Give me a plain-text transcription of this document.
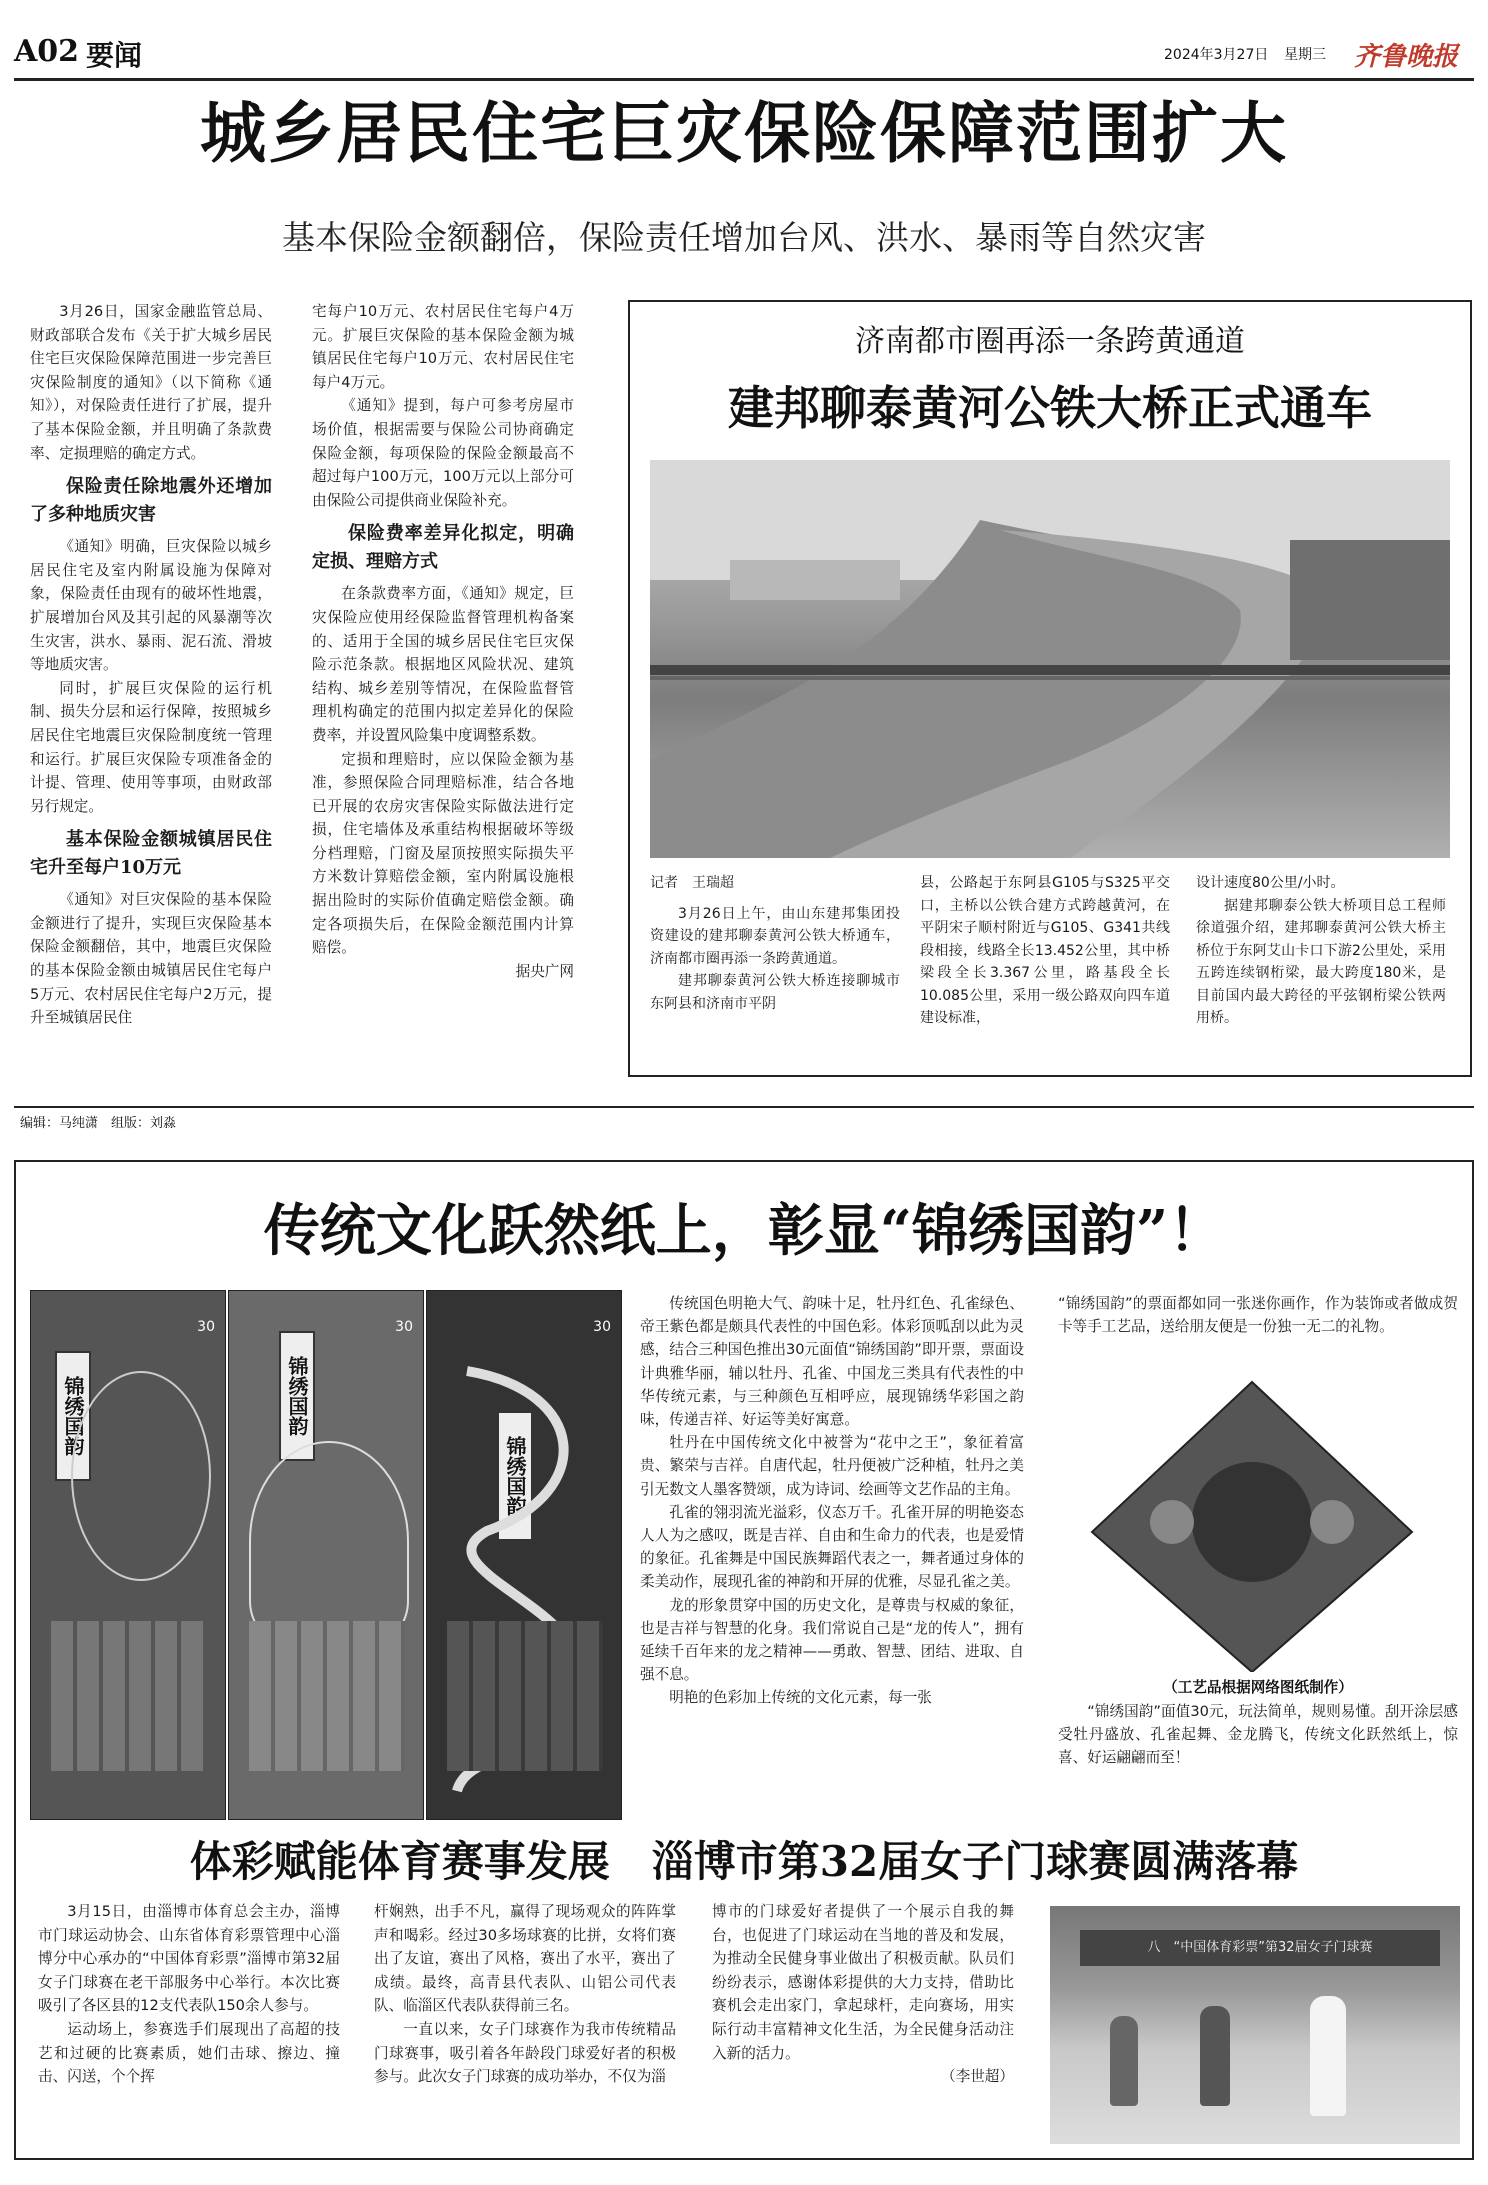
A02 要闻	2024年3月27日 星期三 齐鲁晚报
城乡居民住宅巨灾保险保障范围扩大
基本保险金额翻倍，保险责任增加台风、洪水、暴雨等自然灾害

3月26日，国家金融监管总局、财政部联合发布《关于扩大城乡居民住宅巨灾保险保障范围进一步完善巨灾保险制度的通知》（以下简称《通知》），对保险责任进行了扩展，提升了基本保险金额，并且明确了条款费率、定损理赔的确定方式。

保险责任除地震外还增加了多种地质灾害

《通知》明确，巨灾保险以城乡居民住宅及室内附属设施为保障对象，保险责任由现有的破坏性地震，扩展增加台风及其引起的风暴潮等次生灾害，洪水、暴雨、泥石流、滑坡等地质灾害。

同时，扩展巨灾保险的运行机制、损失分层和运行保障，按照城乡居民住宅地震巨灾保险制度统一管理和运行。扩展巨灾保险专项准备金的计提、管理、使用等事项，由财政部另行规定。

基本保险金额城镇居民住宅升至每户10万元

《通知》对巨灾保险的基本保险金额进行了提升，实现巨灾保险基本保险金额翻倍，其中，地震巨灾保险的基本保险金额由城镇居民住宅每户5万元、农村居民住宅每户2万元，提升至城镇居民住

宅每户10万元、农村居民住宅每户4万元。扩展巨灾保险的基本保险金额为城镇居民住宅每户10万元、农村居民住宅每户4万元。

《通知》提到，每户可参考房屋市场价值，根据需要与保险公司协商确定保险金额，每项保险的保险金额最高不超过每户100万元，100万元以上部分可由保险公司提供商业保险补充。

保险费率差异化拟定，明确定损、理赔方式

在条款费率方面，《通知》规定，巨灾保险应使用经保险监督管理机构备案的、适用于全国的城乡居民住宅巨灾保险示范条款。根据地区风险状况、建筑结构、城乡差别等情况，在保险监督管理机构确定的范围内拟定差异化的保险费率，并设置风险集中度调整系数。

定损和理赔时，应以保险金额为基准，参照保险合同理赔标准，结合各地已开展的农房灾害保险实际做法进行定损，住宅墙体及承重结构根据破坏等级分档理赔，门窗及屋顶按照实际损失平方米数计算赔偿金额，室内附属设施根据出险时的实际价值确定赔偿金额。确定各项损失后，在保险金额范围内计算赔偿。

据央广网

济南都市圈再添一条跨黄通道
建邦聊泰黄河公铁大桥正式通车

记者　王瑞超

3月26日上午，由山东建邦集团投资建设的建邦聊泰黄河公铁大桥通车，济南都市圈再添一条跨黄通道。

建邦聊泰黄河公铁大桥连接聊城市东阿县和济南市平阴

县，公路起于东阿县G105与S325平交口，主桥以公铁合建方式跨越黄河，在平阴宋子顺村附近与G105、G341共线段相接，线路全长13.452公里，其中桥梁段全长3.367公里，路基段全长10.085公里，采用一级公路双向四车道建设标准，

设计速度80公里/小时。

据建邦聊泰公铁大桥项目总工程师徐道强介绍，建邦聊泰黄河公铁大桥主桥位于东阿艾山卡口下游2公里处，采用五跨连续钢桁梁，最大跨度180米，是目前国内最大跨径的平弦钢桁梁公铁两用桥。

编辑：马纯潇　组版：刘淼
传统文化跃然纸上，彰显“锦绣国韵”！
锦绣国韵
30
锦绣国韵
30
锦绣国韵
30

传统国色明艳大气、韵味十足，牡丹红色、孔雀绿色、帝王紫色都是颇具代表性的中国色彩。体彩顶呱刮以此为灵感，结合三种国色推出30元面值“锦绣国韵”即开票，票面设计典雅华丽，辅以牡丹、孔雀、中国龙三类具有代表性的中华传统元素，与三种颜色互相呼应，展现锦绣华彩国之韵味，传递吉祥、好运等美好寓意。

牡丹在中国传统文化中被誉为“花中之王”，象征着富贵、繁荣与吉祥。自唐代起，牡丹便被广泛种植，牡丹之美引无数文人墨客赞颂，成为诗词、绘画等文艺作品的主角。

孔雀的翎羽流光溢彩，仪态万千。孔雀开屏的明艳姿态人人为之感叹，既是吉祥、自由和生命力的代表，也是爱情的象征。孔雀舞是中国民族舞蹈代表之一，舞者通过身体的柔美动作，展现孔雀的神韵和开屏的优雅，尽显孔雀之美。

龙的形象贯穿中国的历史文化，是尊贵与权威的象征，也是吉祥与智慧的化身。我们常说自己是“龙的传人”，拥有延续千百年来的龙之精神——勇敢、智慧、团结、进取、自强不息。

明艳的色彩加上传统的文化元素，每一张

“锦绣国韵”的票面都如同一张迷你画作，作为装饰或者做成贺卡等手工艺品，送给朋友便是一份独一无二的礼物。

（工艺品根据网络图纸制作）

“锦绣国韵”面值30元，玩法简单，规则易懂。刮开涂层感受牡丹盛放、孔雀起舞、金龙腾飞，传统文化跃然纸上，惊喜、好运翩翩而至！

体彩赋能体育赛事发展　淄博市第32届女子门球赛圆满落幕

3月15日，由淄博市体育总会主办，淄博市门球运动协会、山东省体育彩票管理中心淄博分中心承办的“中国体育彩票”淄博市第32届女子门球赛在老干部服务中心举行。本次比赛吸引了各区县的12支代表队150余人参与。

运动场上，参赛选手们展现出了高超的技艺和过硬的比赛素质，她们击球、擦边、撞击、闪送，个个挥

杆娴熟，出手不凡，赢得了现场观众的阵阵掌声和喝彩。经过30多场球赛的比拼，女将们赛出了友谊，赛出了风格，赛出了水平，赛出了成绩。最终，高青县代表队、山铝公司代表队、临淄区代表队获得前三名。

一直以来，女子门球赛作为我市传统精品门球赛事，吸引着各年龄段门球爱好者的积极参与。此次女子门球赛的成功举办，不仅为淄

博市的门球爱好者提供了一个展示自我的舞台，也促进了门球运动在当地的普及和发展，为推动全民健身事业做出了积极贡献。队员们纷纷表示，感谢体彩提供的大力支持，借助比赛机会走出家门，拿起球杆，走向赛场，用实际行动丰富精神文化生活，为全民健身活动注入新的活力。

（李世超）

八　“中国体育彩票”第32届女子门球赛
